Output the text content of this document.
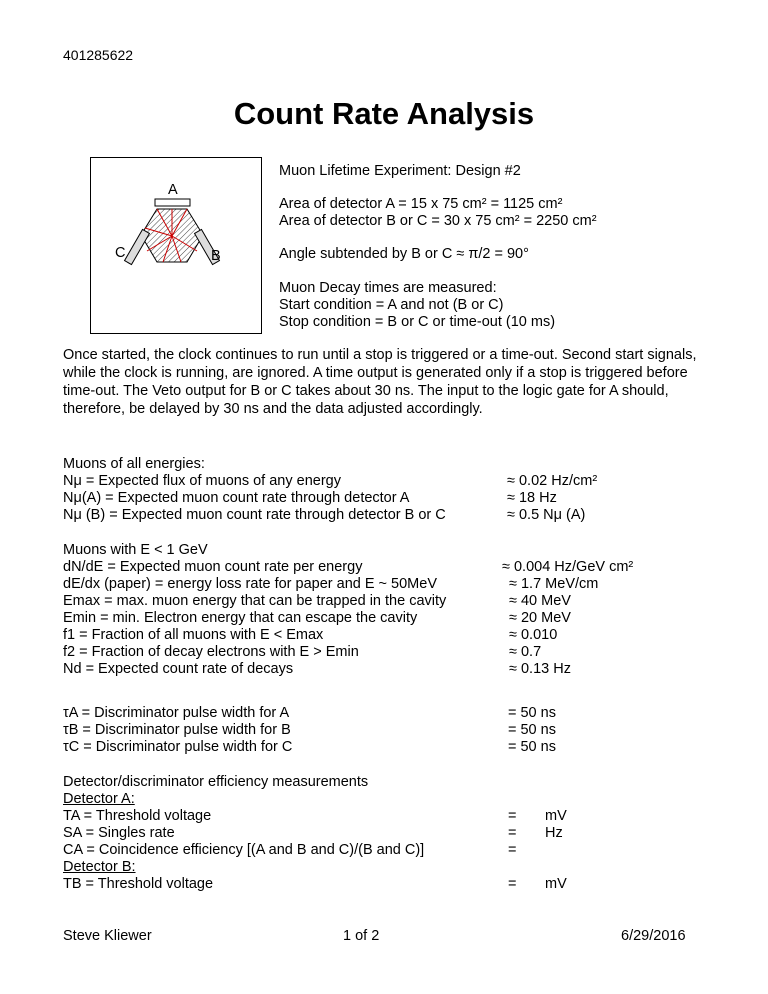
401285622
Count Rate Analysis
A
B
C
Muon Lifetime Experiment: Design #2
Area of detector A = 15 x 75 cm² = 1125 cm²
Area of detector B or C = 30 x 75 cm² = 2250 cm²
Angle subtended by B or C ≈ π/2 = 90°
Muon Decay times are measured:
Start condition = A and not (B or C)
Stop condition = B or C or time-out (10 ms)
Once started, the clock continues to run until a stop is triggered or a time-out. Second start signals, while the clock is running, are ignored. A time output is generated only if a stop is triggered before time-out. The Veto output for B or C takes about 30 ns. The input to the logic gate for A should, therefore, be delayed by 30 ns and the data adjusted accordingly.
Muons of all energies:
Nμ = Expected flux of muons of any energy	≈ 0.02 Hz/cm²
Nμ(A) = Expected muon count rate through detector A	≈ 18 Hz
Nμ (B) = Expected muon count rate through detector B or C	≈ 0.5 Nμ (A)
Muons with E < 1 GeV
dN/dE = Expected muon count rate per energy	≈ 0.004 Hz/GeV cm²
dE/dx (paper) = energy loss rate for paper and E ~ 50MeV	≈ 1.7 MeV/cm
Emax = max. muon energy that can be trapped in the cavity	≈ 40 MeV
Emin = min. Electron energy that can escape the cavity	≈ 20 MeV
f1 = Fraction of all muons with E < Emax	≈ 0.010
f2 = Fraction of decay electrons with E > Emin	≈ 0.7
Nd = Expected count rate of decays	≈ 0.13 Hz
τA = Discriminator pulse width for A	= 50 ns
τB = Discriminator pulse width for B	= 50 ns
τC = Discriminator pulse width for C	= 50 ns
Detector/discriminator efficiency measurements
Detector A:
TA = Threshold voltage	= mV
SA = Singles rate	= Hz
CA = Coincidence efficiency [(A and B and C)/(B and C)]	=
Detector B:
TB = Threshold voltage	= mV
Steve Kliewer	1 of 2	6/29/2016
